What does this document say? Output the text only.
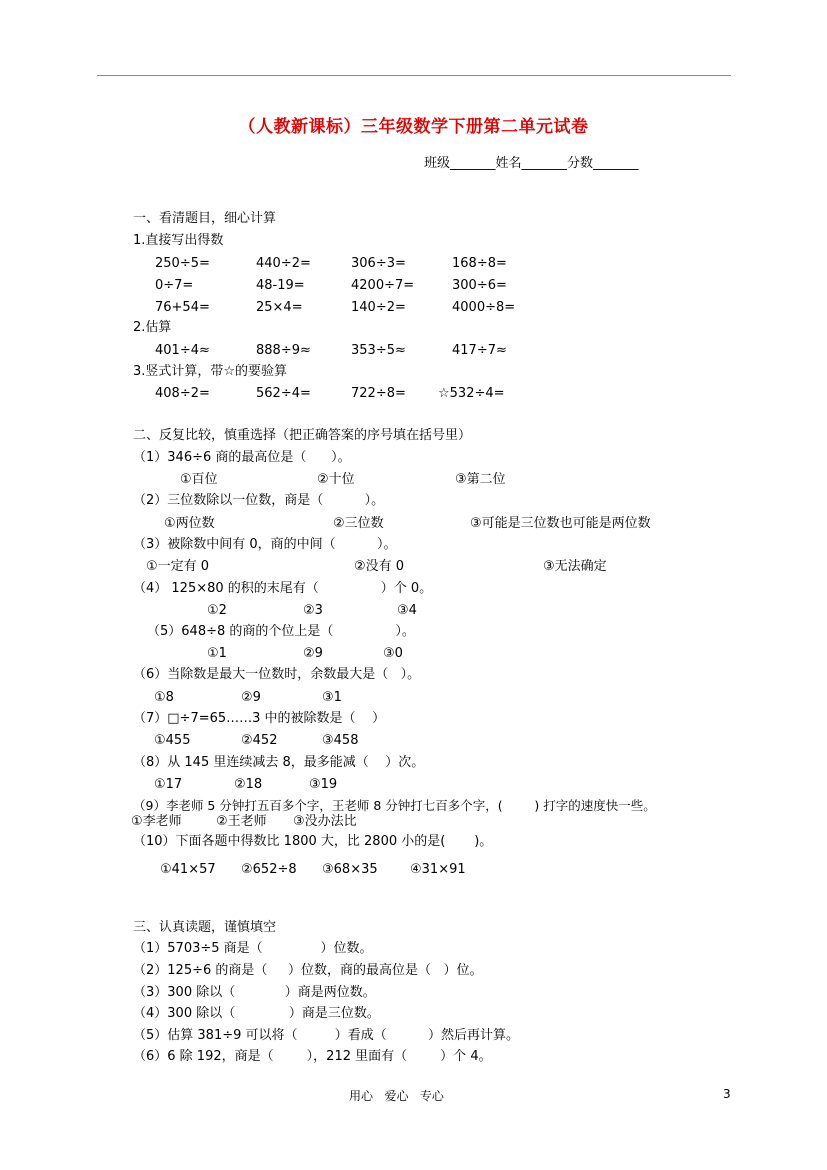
（人教新课标）三年级数学下册第二单元试卷
班级_______姓名_______分数_______
一、看清题目，细心计算
1.直接写出得数
250÷5=	440÷2=	306÷3=	168÷8=
0÷7=	48-19=	4200÷7=	300÷6=
76+54=	25×4=	140÷2=	4000÷8=
2.估算
401÷4≈	888÷9≈	353÷5≈	417÷7≈
3.竖式计算，带☆的要验算
408÷2=	562÷4=	722÷8= ☆532÷4=
二、反复比较，慎重选择（把正确答案的序号填在括号里）
（1）346÷6 商的最高位是（      ）。
①百位	②十位	③第二位
（2）三位数除以一位数，商是（          ）。
①两位数	②三位数	③可能是三位数也可能是两位数
（3）被除数中间有 0，商的中间（          ）。
①一定有 0	②没有 0	③无法确定
（4） 125×80 的积的末尾有（               ）个 0。
①2	②3	③4
（5）648÷8 的商的个位上是（               ）。
①1	②9	③0
（6）当除数是最大一位数时，余数最大是（   ）。
①8	②9	③1
（7）□÷7=65……3 中的被除数是（    ）
①455	②452	③458
（8）从 145 里连续减去 8，最多能减（    ）次。
①17	②18	③19
（9）李老师 5 分钟打五百多个字，王老师 8 分钟打七百多个字，(        ) 打字的速度快一些。
①李老师	②王老师 ③没办法比
（10）下面各题中得数比 1800 大，比 2800 小的是(       )。
①41×57 ②652÷8 ③68×35 ④31×91
三、认真读题，谨慎填空
（1）5703÷5 商是（              ）位数。
（2）125÷6 的商是（     ）位数，商的最高位是（   ）位。
（3）300 除以（            ）商是两位数。
（4）300 除以（             ）商是三位数。
（5）估算 381÷9 可以将（         ）看成（          ）然后再计算。
（6）6 除 192，商是（        ），212 里面有（        ）个 4。
用心   爱心   专心	3
